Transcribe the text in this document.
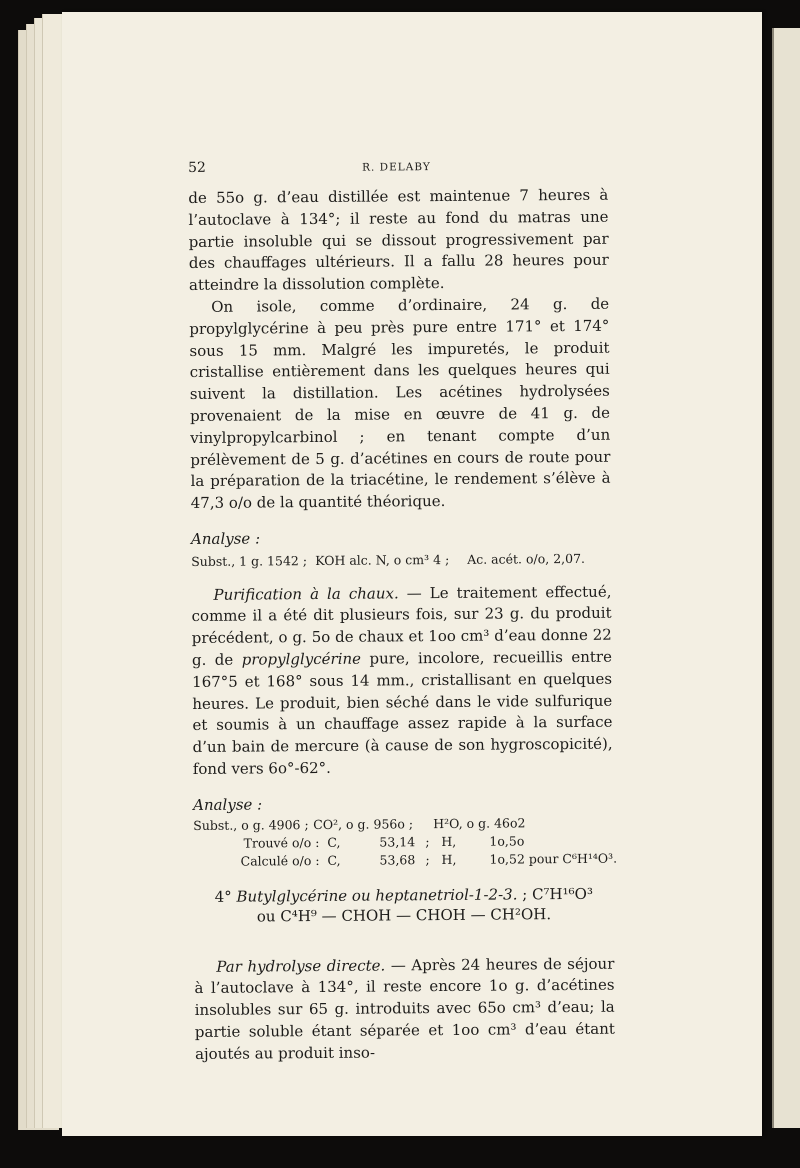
52	R. DELABY

de 55o g. d’eau distillée est maintenue 7 heures à l’autoclave à 134°; il reste au fond du matras une partie insoluble qui se dissout progressivement par des chauffages ultérieurs. Il a fallu 28 heures pour atteindre la dissolution complète.

On isole, comme d’ordinaire, 24 g. de propylglycérine à peu près pure entre 171° et 174° sous 15 mm. Malgré les impuretés, le produit cristallise entièrement dans les quelques heures qui suivent la distillation. Les acétines hydrolysées provenaient de la mise en œuvre de 41 g. de vinylpropylcarbinol ; en tenant compte d’un prélèvement de 5 g. d’acétines en cours de route pour la préparation de la triacétine, le rendement s’élève à 47,3 o/o de la quantité théorique.

Analyse :
Subst., 1 g. 1542 ; KOH alc. N, o cm³ 4 ; Ac. acét. o/o, 2,07.

Purification à la chaux. — Le traitement effectué, comme il a été dit plusieurs fois, sur 23 g. du produit précédent, o g. 5o de chaux et 1oo cm³ d’eau donne 22 g. de propylglycérine pure, incolore, recueillis entre 167°5 et 168° sous 14 mm., cristallisant en quelques heures. Le produit, bien séché dans le vide sulfurique et soumis à un chauffage assez rapide à la surface d’un bain de mercure (à cause de son hygroscopicité), fond vers 6o°-62°.

Analyse :
Subst., o g. 4906 ; CO², o g. 956o ; H²O, o g. 46o2
Trouvé o/o : C,	53,14 ; H,	1o,5o
Calculé o/o : C,	53,68 ; H,	1o,52 pour C⁶H¹⁴O³.
4° Butylglycérine ou heptanetriol-1-2-3. ; C⁷H¹⁶O³
ou C⁴H⁹ — CHOH — CHOH — CH²OH.

Par hydrolyse directe. — Après 24 heures de séjour à l’autoclave à 134°, il reste encore 1o g. d’acétines insolubles sur 65 g. introduits avec 65o cm³ d’eau; la partie soluble étant séparée et 1oo cm³ d’eau étant ajoutés au produit inso-
